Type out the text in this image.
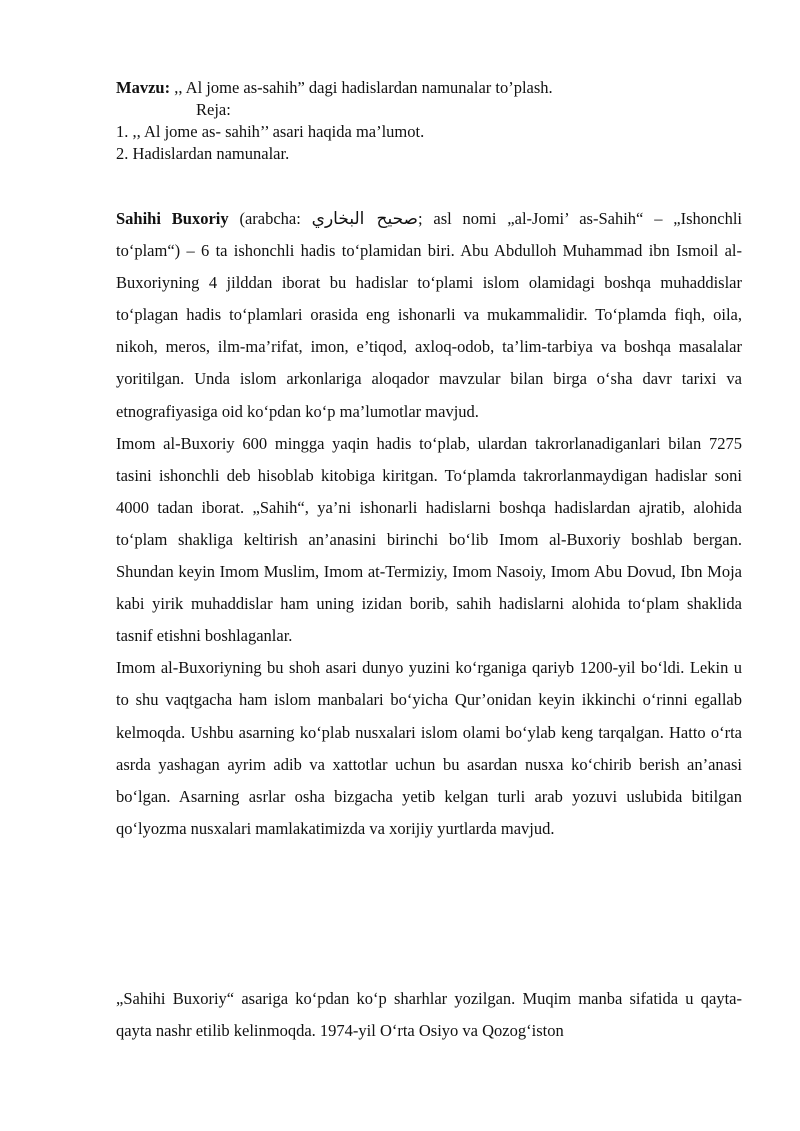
Mavzu: ,, Al jome as-sahih” dagi hadislardan namunalar to’plash.
Reja:
1. ,, Al jome as- sahih’’ asari haqida ma’lumot.
2. Hadislardan namunalar.

Sahihi Buxoriy (arabcha: صحيح البخاري; asl nomi „al-Jomi’ as-Sahih“ – „Ishonchli to‘plam“) – 6 ta ishonchli hadis to‘plamidan biri. Abu Abdulloh Muhammad ibn Ismoil al-Buxoriyning 4 jilddan iborat bu hadislar to‘plami islom olamidagi boshqa muhaddislar to‘plagan hadis to‘plamlari orasida eng ishonarli va mukammalidir. To‘plamda fiqh, oila, nikoh, meros, ilm-ma’rifat, imon, e’tiqod, axloq-odob, ta’lim-tarbiya va boshqa masalalar yoritilgan. Unda islom arkonlariga aloqador mavzular bilan birga o‘sha davr tarixi va etnografiyasiga oid ko‘pdan ko‘p ma’lumotlar mavjud.

Imom al-Buxoriy 600 mingga yaqin hadis to‘plab, ulardan takrorlanadiganlari bilan 7275 tasini ishonchli deb hisoblab kitobiga kiritgan. To‘plamda takrorlanmaydigan hadislar soni 4000 tadan iborat. „Sahih“, ya’ni ishonarli hadislarni boshqa hadislardan ajratib, alohida to‘plam shakliga keltirish an’anasini birinchi bo‘lib Imom al-Buxoriy boshlab bergan. Shundan keyin Imom Muslim, Imom at-Termiziy, Imom Nasoiy, Imom Abu Dovud, Ibn Moja kabi yirik muhaddislar ham uning izidan borib, sahih hadislarni alohida to‘plam shaklida tasnif etishni boshlaganlar.

Imom al-Buxoriyning bu shoh asari dunyo yuzini ko‘rganiga qariyb 1200-yil bo‘ldi. Lekin u to shu vaqtgacha ham islom manbalari bo‘yicha Qur’onidan keyin ikkinchi o‘rinni egallab kelmoqda. Ushbu asarning ko‘plab nusxalari islom olami bo‘ylab keng tarqalgan. Hatto o‘rta asrda yashagan ayrim adib va xattotlar uchun bu asardan nusxa ko‘chirib berish an’anasi bo‘lgan. Asarning asrlar osha bizgacha yetib kelgan turli arab yozuvi uslubida bitilgan qo‘lyozma nusxalari mamlakatimizda va xorijiy yurtlarda mavjud.

„Sahihi Buxoriy“ asariga ko‘pdan ko‘p sharhlar yozilgan. Muqim manba sifatida u qayta-qayta nashr etilib kelinmoqda. 1974-yil O‘rta Osiyo va Qozog‘iston
